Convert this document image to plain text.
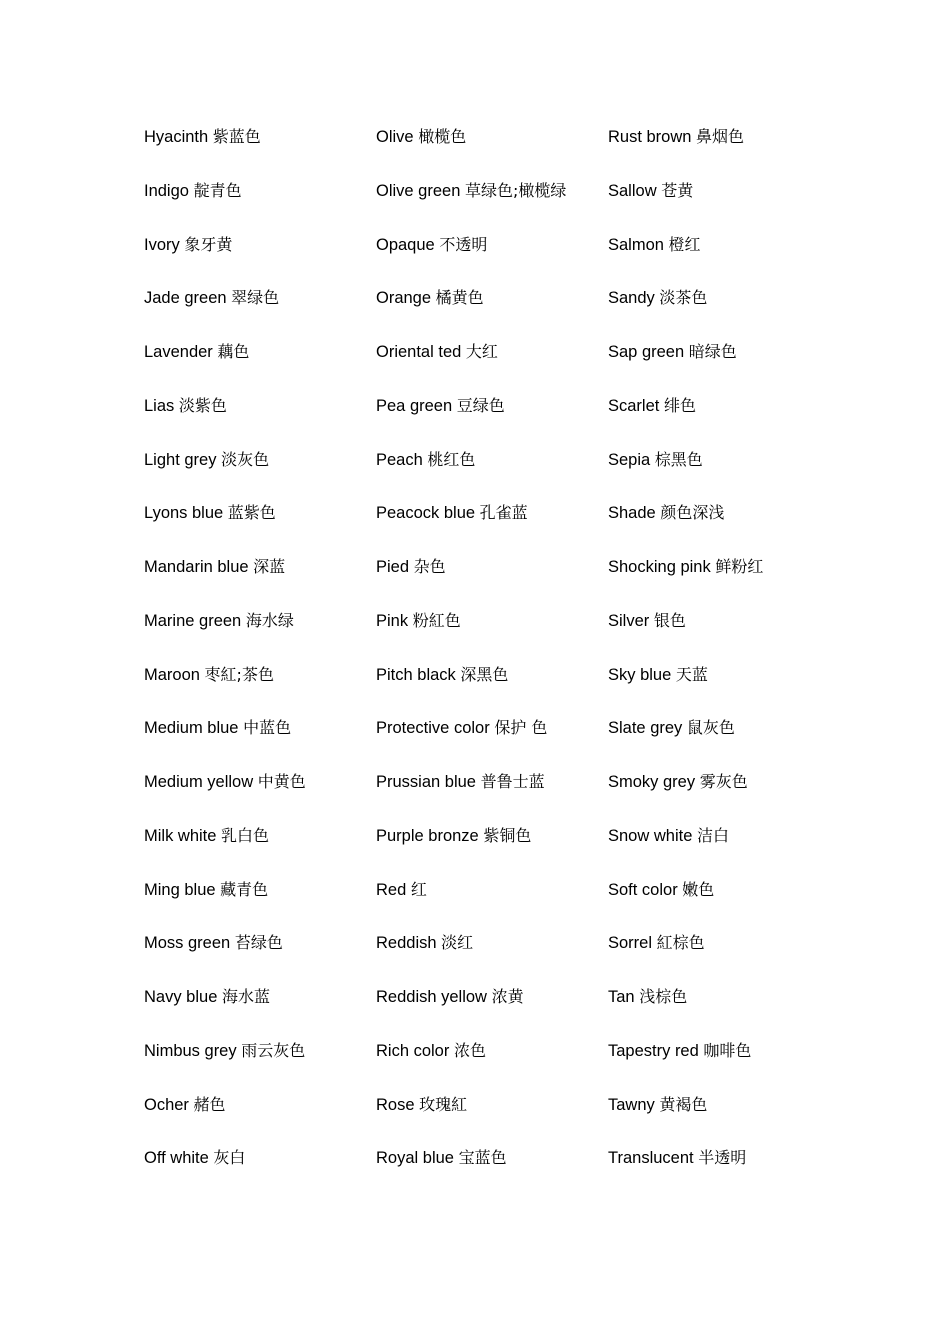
Hyacinth 紫蓝色	Olive 橄榄色	Rust brown 鼻烟色
Indigo 靛青色	Olive green 草绿色;橄榄绿	Sallow 苍黄
Ivory 象牙黄	Opaque 不透明	Salmon 橙红
Jade green 翠绿色	Orange 橘黄色	Sandy 淡茶色
Lavender 藕色	Oriental ted 大红	Sap green 暗绿色
Lias 淡紫色	Pea green 豆绿色	Scarlet 绯色
Light grey 淡灰色	Peach 桃红色	Sepia 棕黑色
Lyons blue 蓝紫色	Peacock blue 孔雀蓝	Shade 颜色深浅
Mandarin blue 深蓝	Pied 杂色	Shocking pink 鲜粉红
Marine green 海水绿	Pink 粉紅色	Silver 银色
Maroon 枣紅;茶色	Pitch black 深黑色	Sky blue 天蓝
Medium blue 中蓝色	Protective color 保护 色	Slate grey 鼠灰色
Medium yellow 中黄色	Prussian blue 普鲁士蓝	Smoky grey 雾灰色
Milk white 乳白色	Purple bronze 紫铜色	Snow white 洁白
Ming blue 藏青色	Red 红	Soft color 嫩色
Moss green 苔绿色	Reddish 淡红	Sorrel 紅棕色
Navy blue 海水蓝	Reddish yellow 浓黄	Tan 浅棕色
Nimbus grey 雨云灰色	Rich color 浓色	Tapestry red 咖啡色
Ocher 赭色	Rose 玫瑰紅	Tawny 黄褐色
Off white 灰白	Royal blue 宝蓝色	Translucent 半透明
